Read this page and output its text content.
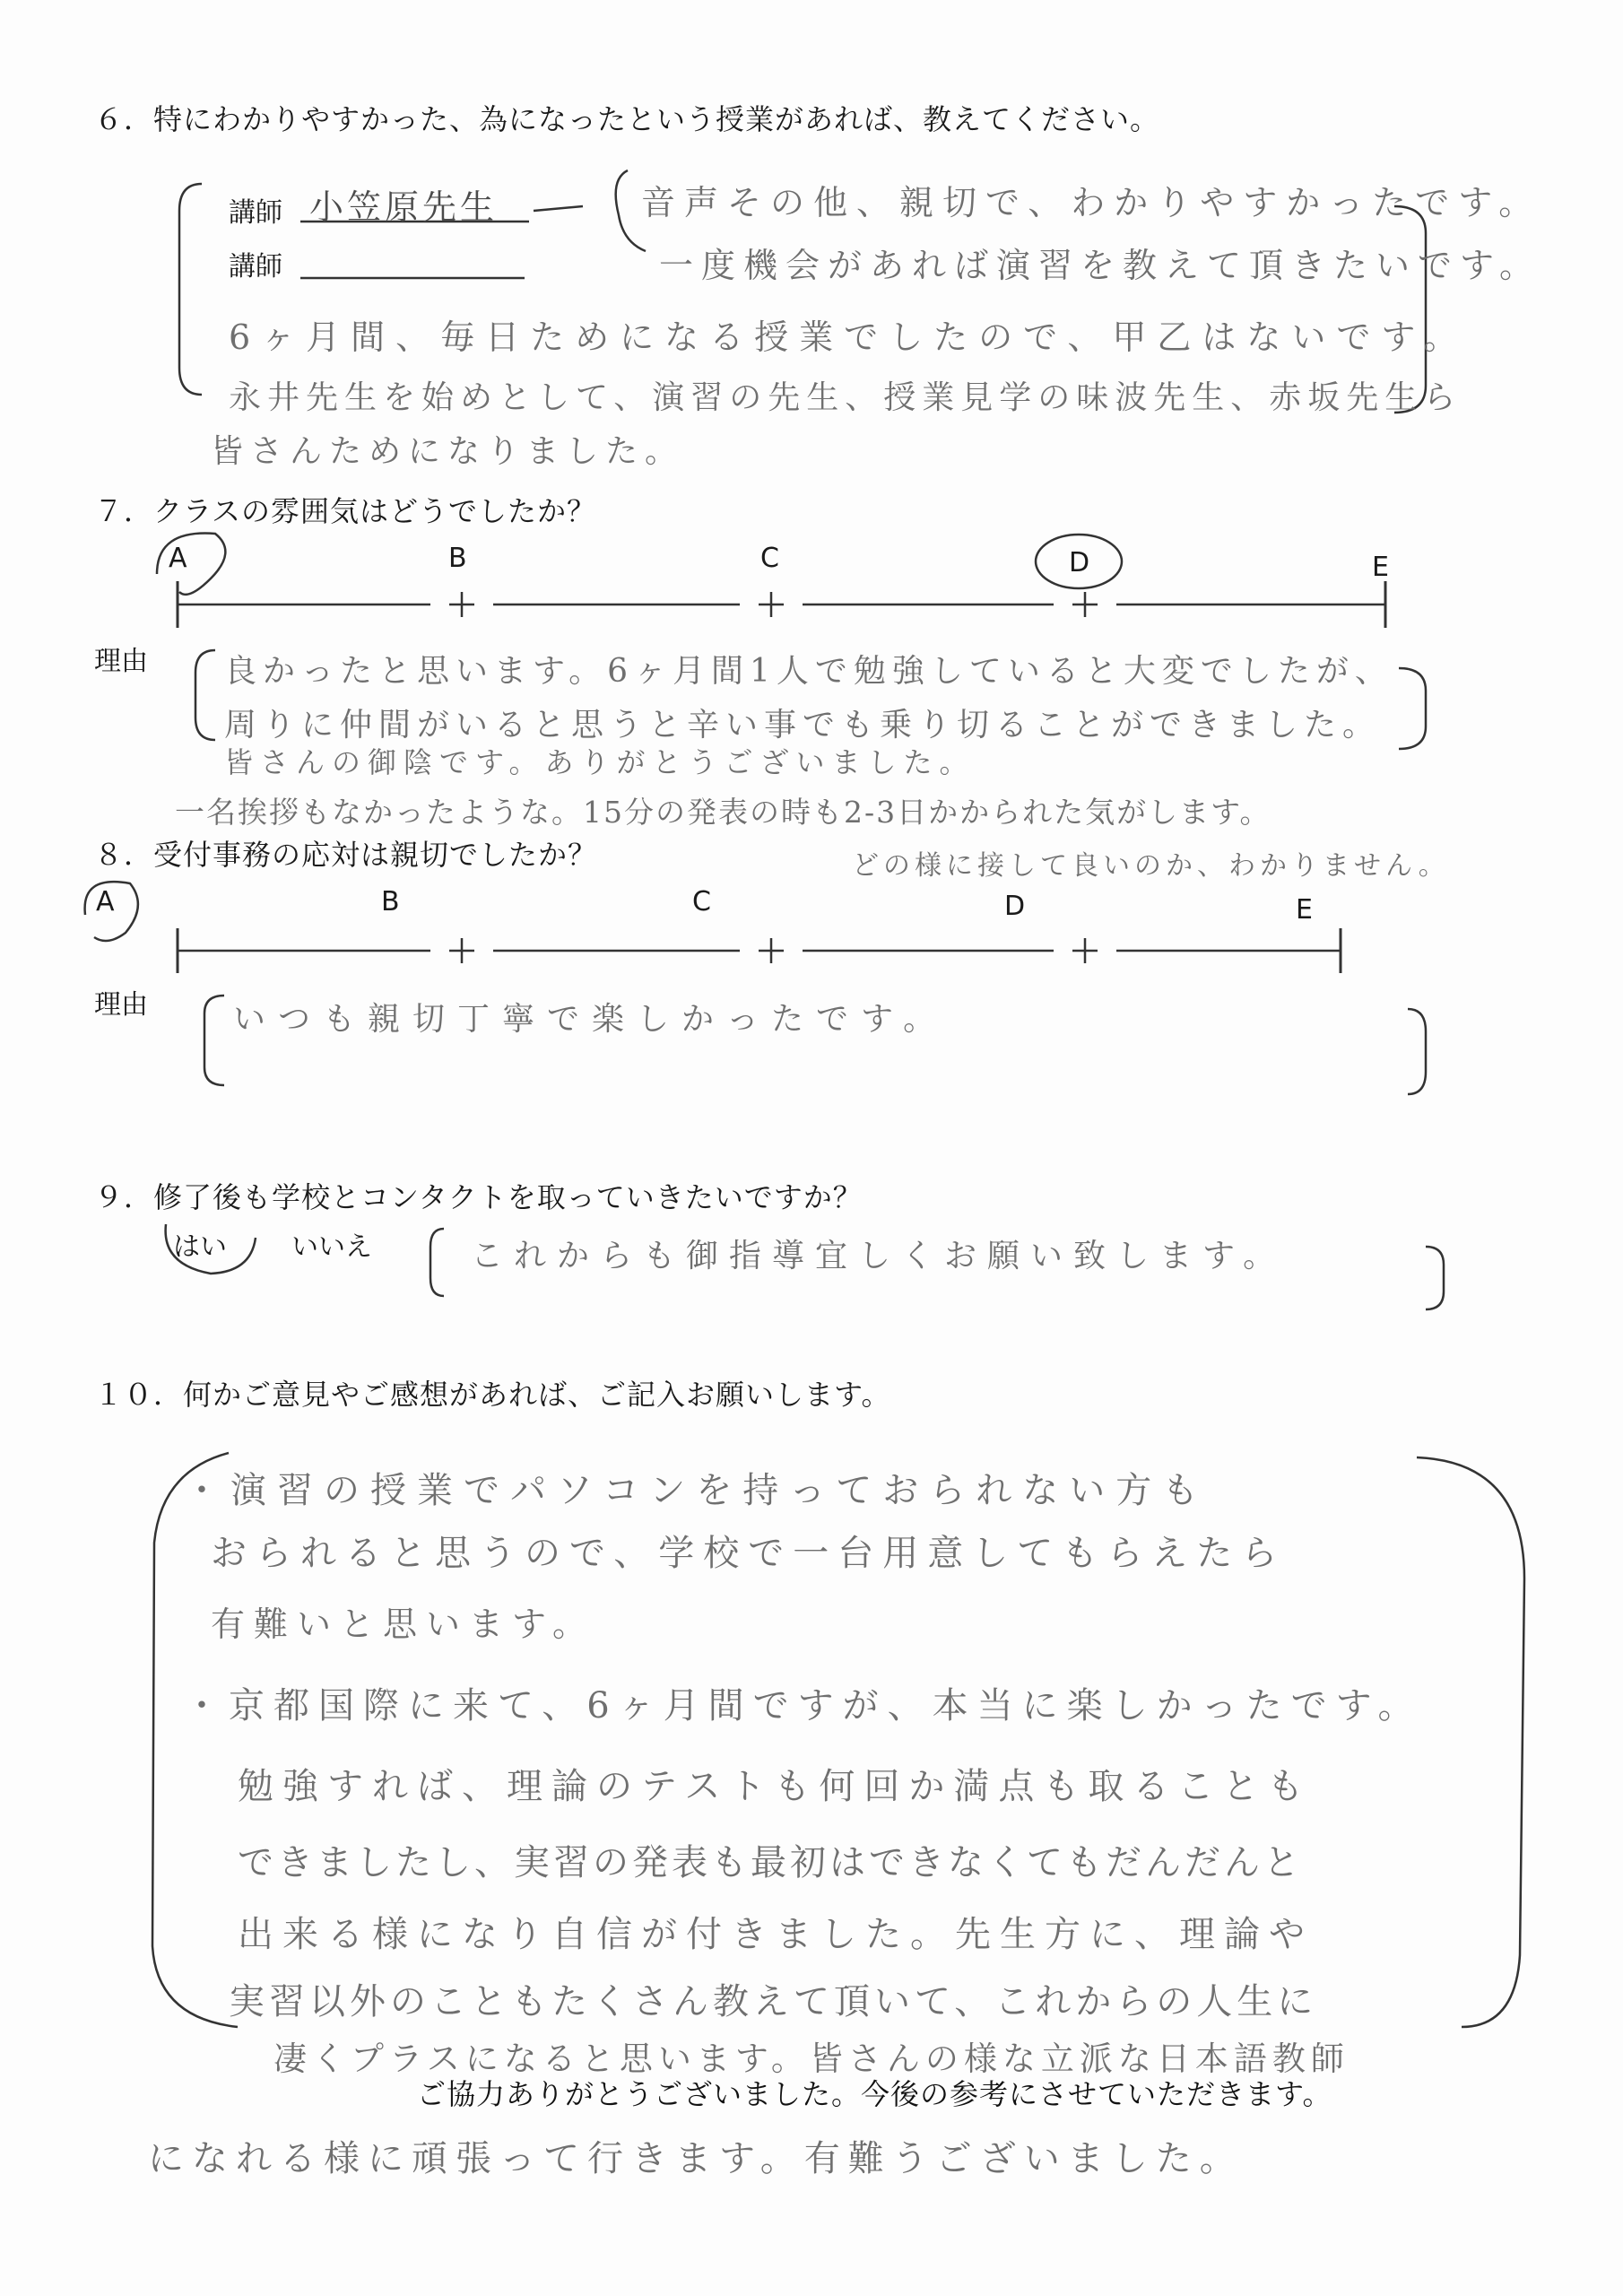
６．特にわかりやすかった、為になったという授業があれば、教えてください。
講師 小笠原先生
講師
音声その他、親切で、わかりやすかったです。
一度機会があれば演習を教えて頂きたいです。
6ヶ月間、毎日ためになる授業でしたので、甲乙はないです。
永井先生を始めとして、演習の先生、授業見学の味波先生、赤坂先生ら
皆さんためになりました。
７．クラスの雰囲気はどうでしたか？
A	B	C	D	E
理由 良かったと思います。6ヶ月間1人で勉強していると大変でしたが、
周りに仲間がいると思うと辛い事でも乗り切ることができました。
皆さんの御陰です。ありがとうございました。
一名挨拶もなかったような。15分の発表の時も2-3日かかられた気がします。
どの様に接して良いのか、わかりません。
８．受付事務の応対は親切でしたか？
A	B	C	D	E
理由	いつも親切丁寧で楽しかったです。
９．修了後も学校とコンタクトを取っていきたいですか？
はい いいえ	これからも御指導宜しくお願い致します。
１０．何かご意見やご感想があれば、ご記入お願いします。
・演習の授業でパソコンを持っておられない方も
おられると思うので、学校で一台用意してもらえたら
有難いと思います。
・京都国際に来て、6ヶ月間ですが、本当に楽しかったです。
勉強すれば、理論のテストも何回か満点も取ることも
できましたし、実習の発表も最初はできなくてもだんだんと
出来る様になり自信が付きました。先生方に、理論や
実習以外のこともたくさん教えて頂いて、これからの人生に
凄くプラスになると思います。皆さんの様な立派な日本語教師
になれる様に頑張って行きます。有難うございました。
ご協力ありがとうございました。今後の参考にさせていただきます。
